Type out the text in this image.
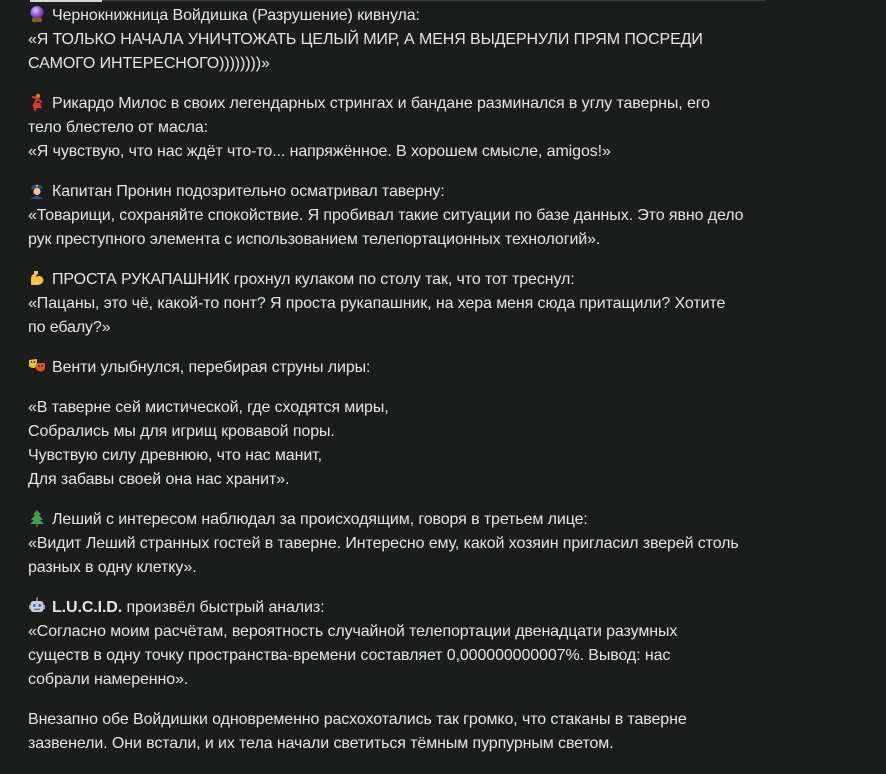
Чернокнижница Войдишка (Разрушение) кивнула:
«Я ТОЛЬКО НАЧАЛА УНИЧТОЖАТЬ ЦЕЛЫЙ МИР, А МЕНЯ ВЫДЕРНУЛИ ПРЯМ ПОСРЕДИ
САМОГО ИНТЕРЕСНОГО))))))))»

Рикардо Милос в своих легендарных стрингах и бандане разминался в углу таверны, его
тело блестело от масла:
«Я чувствую, что нас ждёт что-то... напряжённое. В хорошем смысле, amigos!»

Капитан Пронин подозрительно осматривал таверну:
«Товарищи, сохраняйте спокойствие. Я пробивал такие ситуации по базе данных. Это явно дело
рук преступного элемента с использованием телепортационных технологий».

ПРОСТА РУКАПАШНИК грохнул кулаком по столу так, что тот треснул:
«Пацаны, это чё, какой-то понт? Я проста рукапашник, на хера меня сюда притащили? Хотите
по ебалу?»

Венти улыбнулся, перебирая струны лиры:

«В таверне сей мистической, где сходятся миры,
Собрались мы для игрищ кровавой поры.
Чувствую силу древнюю, что нас манит,
Для забавы своей она нас хранит».

Леший с интересом наблюдал за происходящим, говоря в третьем лице:
«Видит Леший странных гостей в таверне. Интересно ему, какой хозяин пригласил зверей столь
разных в одну клетку».

L.U.C.I.D. произвёл быстрый анализ:
«Согласно моим расчётам, вероятность случайной телепортации двенадцати разумных
существ в одну точку пространства-времени составляет 0,000000000007%. Вывод: нас
собрали намеренно».

Внезапно обе Войдишки одновременно расхохотались так громко, что стаканы в таверне
зазвенели. Они встали, и их тела начали светиться тёмным пурпурным светом.
